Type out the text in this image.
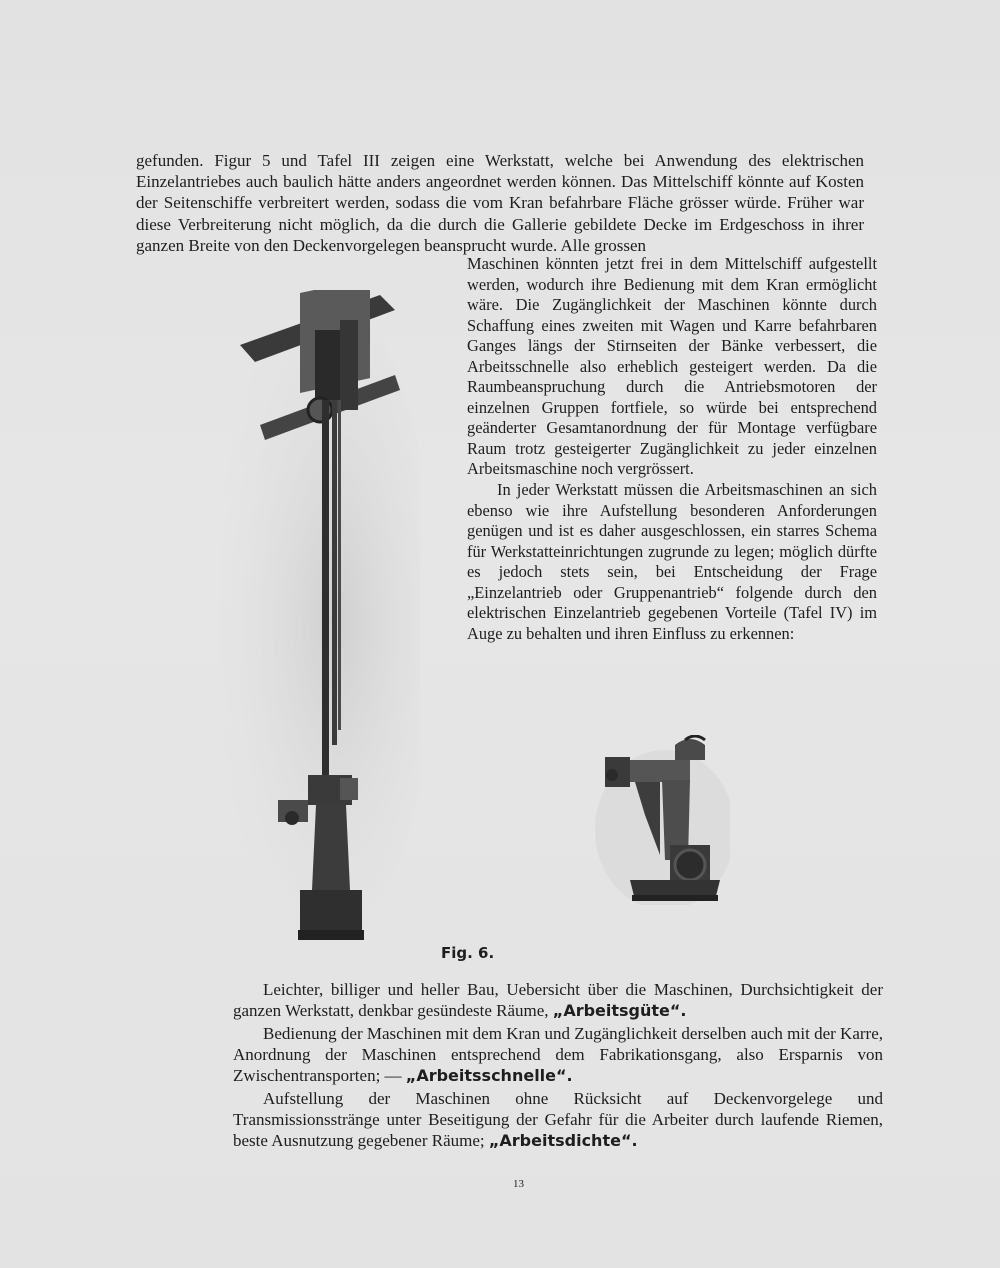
gefunden. Figur 5 und Tafel III zeigen eine Werkstatt, welche bei Anwendung des elektrischen Einzelantriebes auch baulich hätte anders angeordnet werden können. Das Mittelschiff könnte auf Kosten der Seitenschiffe verbreitert werden, sodass die vom Kran befahrbare Fläche grösser würde. Früher war diese Verbreiterung nicht möglich, da die durch die Gallerie gebildete Decke im Erdgeschoss in ihrer ganzen Breite von den Deckenvorgelegen beansprucht wurde. Alle grossen

Maschinen könnten jetzt frei in dem Mittelschiff aufgestellt werden, wodurch ihre Bedienung mit dem Kran ermöglicht wäre. Die Zugänglichkeit der Maschinen könnte durch Schaffung eines zweiten mit Wagen und Karre befahrbaren Ganges längs der Stirnseiten der Bänke verbessert, die Arbeitsschnelle also erheblich gesteigert werden. Da die Raumbeanspruchung durch die Antriebsmotoren der einzelnen Gruppen fortfiele, so würde bei entsprechend geänderter Gesamtanordnung der für Montage verfügbare Raum trotz gesteigerter Zugänglichkeit zu jeder einzelnen Arbeitsmaschine noch vergrössert.

In jeder Werkstatt müssen die Arbeitsmaschinen an sich ebenso wie ihre Aufstellung besonderen Anforderungen genügen und ist es daher ausgeschlossen, ein starres Schema für Werkstatteinrichtungen zugrunde zu legen; möglich dürfte es jedoch stets sein, bei Entscheidung der Frage „Einzelantrieb oder Gruppenantrieb“ folgende durch den elektrischen Einzelantrieb gegebenen Vorteile (Tafel IV) im Auge zu behalten und ihren Einfluss zu erkennen:

Fig. 6.

Leichter, billiger und heller Bau, Uebersicht über die Maschinen, Durchsichtigkeit der ganzen Werkstatt, denkbar gesündeste Räume, „Arbeitsgüte“.

Bedienung der Maschinen mit dem Kran und Zugänglichkeit derselben auch mit der Karre, Anordnung der Maschinen entsprechend dem Fabrikationsgang, also Ersparnis von Zwischentransporten; — „Arbeitsschnelle“.

Aufstellung der Maschinen ohne Rücksicht auf Deckenvorgelege und Transmissionsstränge unter Beseitigung der Gefahr für die Arbeiter durch laufende Riemen, beste Ausnutzung gegebener Räume; „Arbeitsdichte“.

13
